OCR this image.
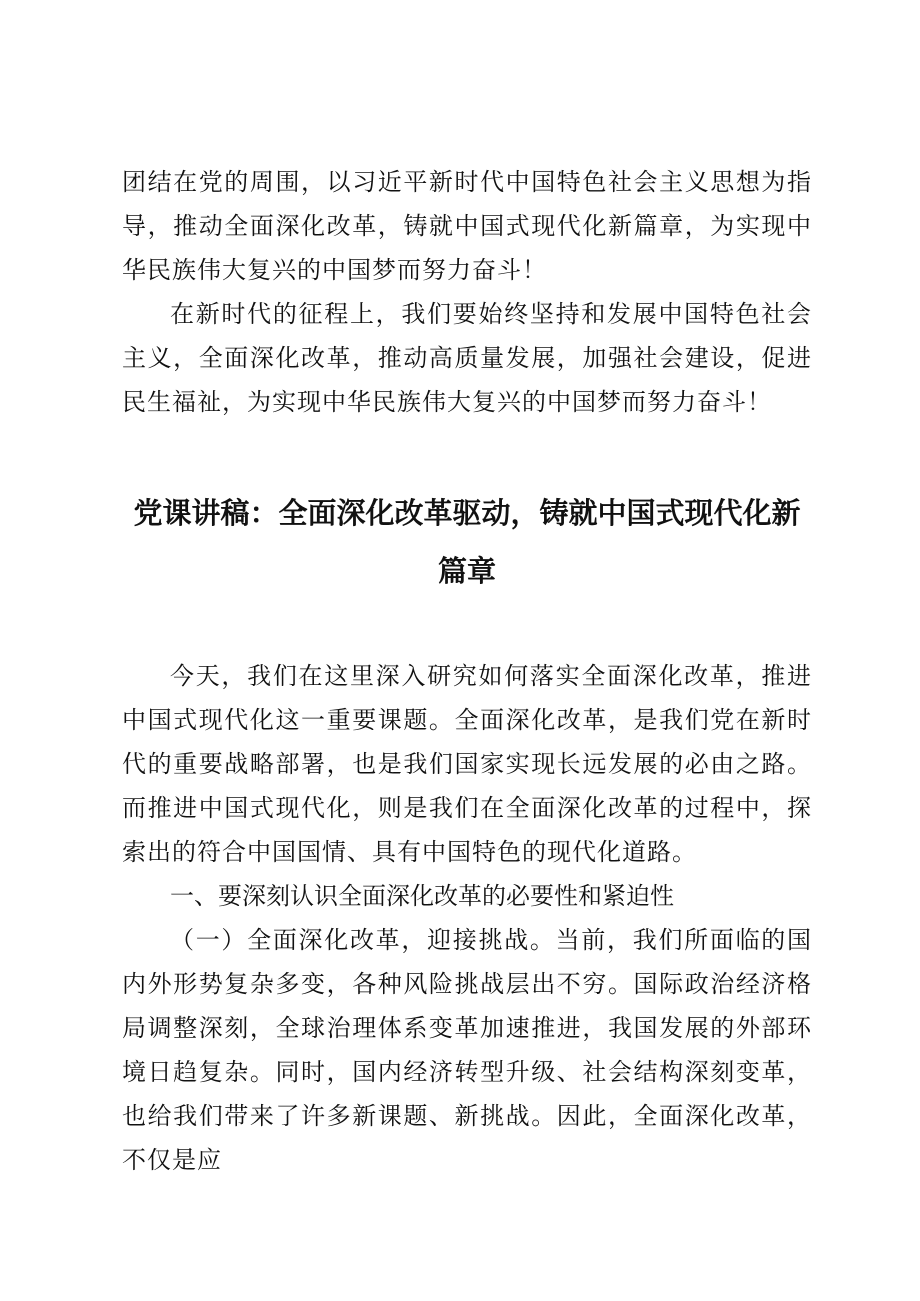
团结在党的周围，以习近平新时代中国特色社会主义思想为指导，推动全面深化改革，铸就中国式现代化新篇章，为实现中华民族伟大复兴的中国梦而努力奋斗！

在新时代的征程上，我们要始终坚持和发展中国特色社会主义，全面深化改革，推动高质量发展，加强社会建设，促进民生福祉，为实现中华民族伟大复兴的中国梦而努力奋斗！

党课讲稿：全面深化改革驱动，铸就中国式现代化新篇章

今天，我们在这里深入研究如何落实全面深化改革，推进中国式现代化这一重要课题。全面深化改革，是我们党在新时代的重要战略部署，也是我们国家实现长远发展的必由之路。而推进中国式现代化，则是我们在全面深化改革的过程中，探索出的符合中国国情、具有中国特色的现代化道路。

一、要深刻认识全面深化改革的必要性和紧迫性

（一）全面深化改革，迎接挑战。当前，我们所面临的国内外形势复杂多变，各种风险挑战层出不穷。国际政治经济格局调整深刻，全球治理体系变革加速推进，我国发展的外部环境日趋复杂。同时，国内经济转型升级、社会结构深刻变革，也给我们带来了许多新课题、新挑战。因此，全面深化改革，不仅是应
